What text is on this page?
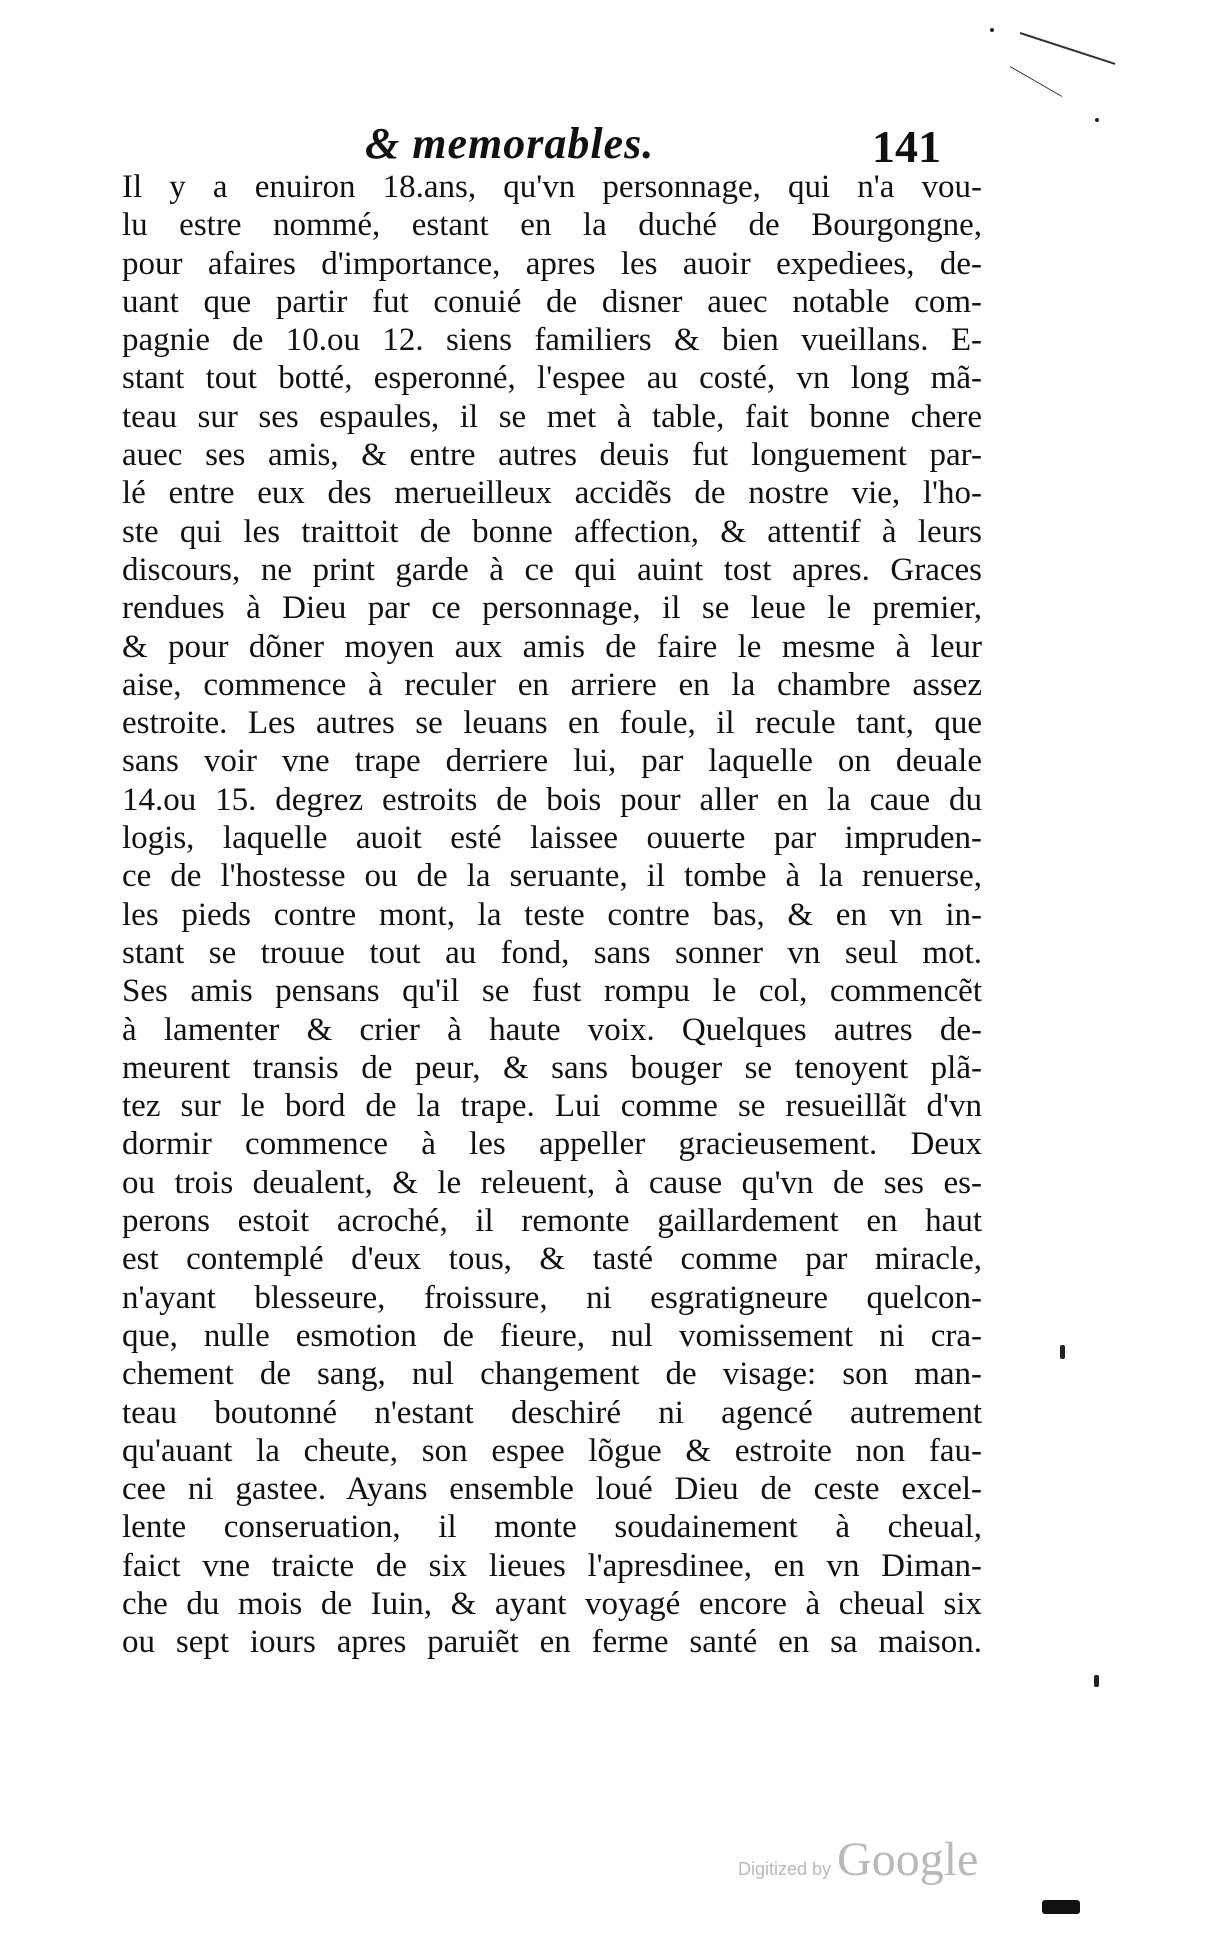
& memorables.	141
Il y a enuiron 18.ans, qu'vn personnage, qui n'a vou-
lu estre nommé, estant en la duché de Bourgongne,
pour afaires d'importance, apres les auoir expediees, de-
uant que partir fut conuié de disner auec notable com-
pagnie de 10.ou 12. siens familiers & bien vueillans. E-
stant tout botté, esperonné, l'espee au costé, vn long mã-
teau sur ses espaules, il se met à table, fait bonne chere
auec ses amis, & entre autres deuis fut longuement par-
lé entre eux des merueilleux accidẽs de nostre vie, l'ho-
ste qui les traittoit de bonne affection, & attentif à leurs
discours, ne print garde à ce qui auint tost apres. Graces
rendues à Dieu par ce personnage, il se leue le premier,
& pour dõner moyen aux amis de faire le mesme à leur
aise, commence à reculer en arriere en la chambre assez
estroite. Les autres se leuans en foule, il recule tant, que
sans voir vne trape derriere lui, par laquelle on deuale
14.ou 15. degrez estroits de bois pour aller en la caue du
logis, laquelle auoit esté laissee ouuerte par impruden-
ce de l'hostesse ou de la seruante, il tombe à la renuerse,
les pieds contre mont, la teste contre bas, & en vn in-
stant se trouue tout au fond, sans sonner vn seul mot.
Ses amis pensans qu'il se fust rompu le col, commencẽt
à lamenter & crier à haute voix. Quelques autres de-
meurent transis de peur, & sans bouger se tenoyent plã-
tez sur le bord de la trape. Lui comme se resueillãt d'vn
dormir commence à les appeller gracieusement. Deux
ou trois deualent, & le releuent, à cause qu'vn de ses es-
perons estoit acroché, il remonte gaillardement en haut
est contemplé d'eux tous, & tasté comme par miracle,
n'ayant blesseure, froissure, ni esgratigneure quelcon-
que, nulle esmotion de fieure, nul vomissement ni cra-
chement de sang, nul changement de visage: son man-
teau boutonné n'estant deschiré ni agencé autrement
qu'auant la cheute, son espee lõgue & estroite non fau-
cee ni gastee. Ayans ensemble loué Dieu de ceste excel-
lente conseruation, il monte soudainement à cheual,
faict vne traicte de six lieues l'apresdinee, en vn Diman-
che du mois de Iuin, & ayant voyagé encore à cheual six
ou sept iours apres paruiẽt en ferme santé en sa maison.
Digitized by Google
